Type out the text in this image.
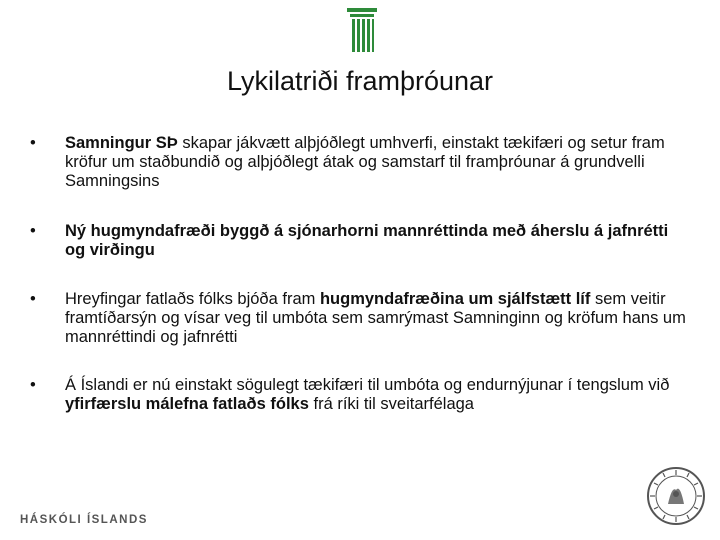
Lykilatriði framþróunar
•	Samningur SÞ skapar jákvætt alþjóðlegt umhverfi, einstakt tækifæri og setur fram kröfur um staðbundið og alþjóðlegt átak og samstarf til framþróunar á grundvelli Samningsins
•	Ný hugmyndafræði byggð á sjónarhorni mannréttinda með áherslu á jafnrétti og virðingu
•	Hreyfingar fatlaðs fólks bjóða fram hugmyndafræðina um sjálfstætt líf sem veitir framtíðarsýn og vísar veg til umbóta sem samrýmast Samninginn og kröfum hans um mannréttindi og jafnrétti
•	Á Íslandi er nú einstakt sögulegt tækifæri til umbóta og endurnýjunar í tengslum við yfirfærslu málefna fatlaðs fólks frá ríki til sveitarfélaga
HÁSKÓLI ÍSLANDS
